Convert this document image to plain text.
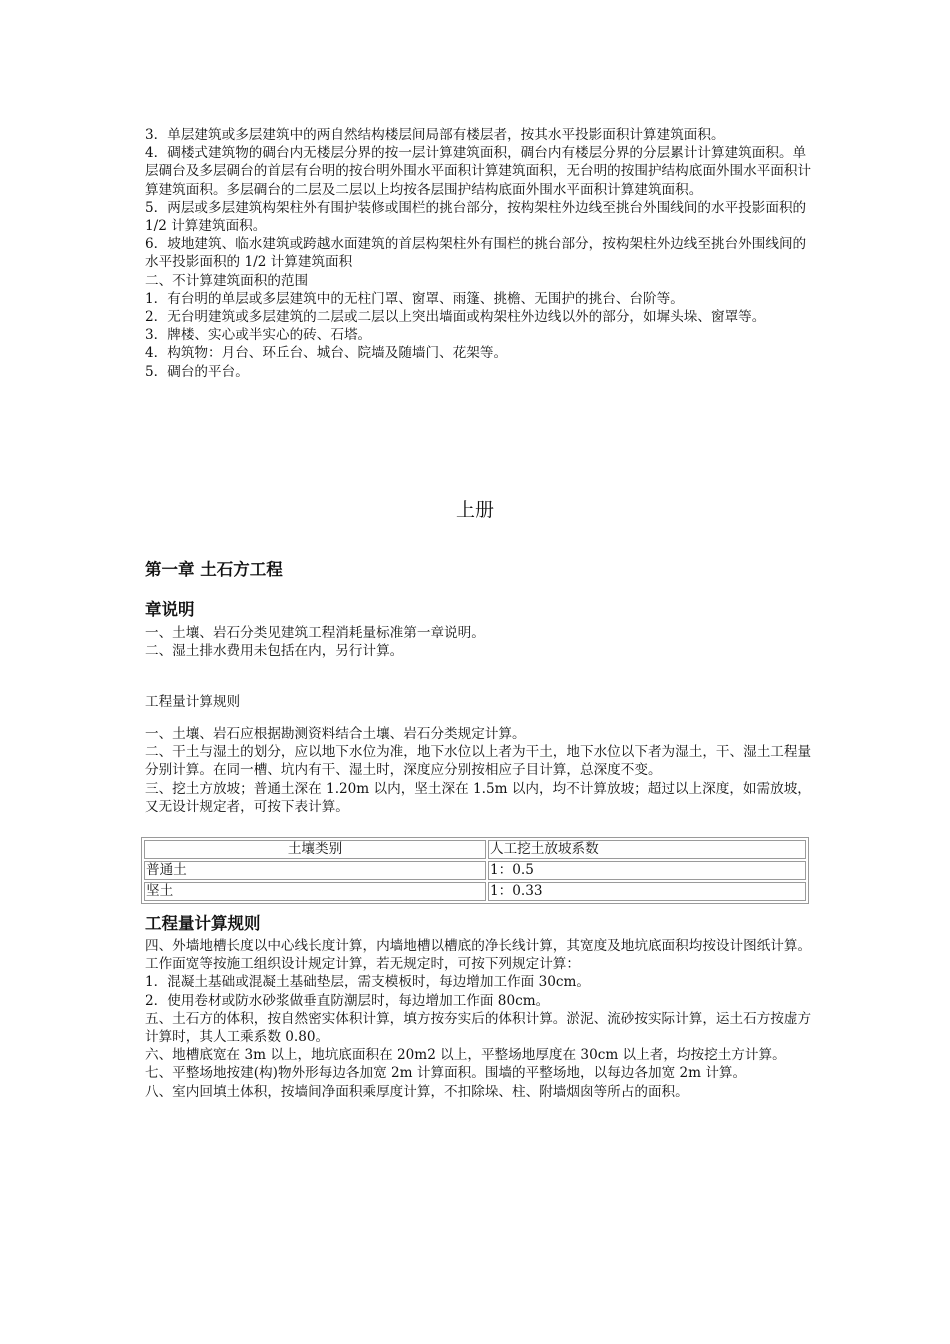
3．单层建筑或多层建筑中的两自然结构楼层间局部有楼层者，按其水平投影面积计算建筑面积。

4．碉楼式建筑物的碉台内无楼层分界的按一层计算建筑面积，碉台内有楼层分界的分层累计计算建筑面积。单层碉台及多层碉台的首层有台明的按台明外围水平面积计算建筑面积，无台明的按围护结构底面外围水平面积计算建筑面积。多层碉台的二层及二层以上均按各层围护结构底面外围水平面积计算建筑面积。

5．两层或多层建筑构架柱外有围护装修或围栏的挑台部分，按构架柱外边线至挑台外围线间的水平投影面积的 1/2 计算建筑面积。

6．坡地建筑、临水建筑或跨越水面建筑的首层构架柱外有围栏的挑台部分，按构架柱外边线至挑台外围线间的水平投影面积的 1/2 计算建筑面积

二、不计算建筑面积的范围

1．有台明的单层或多层建筑中的无柱门罩、窗罩、雨篷、挑檐、无围护的挑台、台阶等。

2．无台明建筑或多层建筑的二层或二层以上突出墙面或构架柱外边线以外的部分，如墀头垛、窗罩等。

3．牌楼、实心或半实心的砖、石塔。

4．构筑物：月台、环丘台、城台、院墙及随墙门、花架等。

5．碉台的平台。

上册
第一章 土石方工程
章说明

一、土壤、岩石分类见建筑工程消耗量标准第一章说明。

二、湿土排水费用未包括在内，另行计算。

工程量计算规则

一、土壤、岩石应根据勘测资料结合土壤、岩石分类规定计算。

二、干土与湿土的划分，应以地下水位为准，地下水位以上者为干土，地下水位以下者为湿土，干、湿土工程量分别计算。在同一槽、坑内有干、湿土时，深度应分别按相应子目计算，总深度不变。

三、挖土方放坡；普通土深在 1.20m 以内，坚土深在 1.5m 以内，均不计算放坡；超过以上深度，如需放坡，又无设计规定者，可按下表计算。

土壤类别	人工挖土放坡系数
普通土	1：0.5
坚土	1：0.33
工程量计算规则

四、外墙地槽长度以中心线长度计算，内墙地槽以槽底的净长线计算，其宽度及地坑底面积均按设计图纸计算。工作面宽等按施工组织设计规定计算，若无规定时，可按下列规定计算：

1．混凝土基础或混凝土基础垫层，需支模板时，每边增加工作面 30cm。

2．使用卷材或防水砂浆做垂直防潮层时，每边增加工作面 80cm。

五、土石方的体积，按自然密实体积计算，填方按夯实后的体积计算。淤泥、流砂按实际计算，运土石方按虚方计算时，其人工乘系数 0.80。

六、地槽底宽在 3m 以上，地坑底面积在 20m2 以上，平整场地厚度在 30cm 以上者，均按挖土方计算。

七、平整场地按建(构)物外形每边各加宽 2m 计算面积。围墙的平整场地，以每边各加宽 2m 计算。

八、室内回填土体积，按墙间净面积乘厚度计算，不扣除垛、柱、附墙烟囱等所占的面积。
